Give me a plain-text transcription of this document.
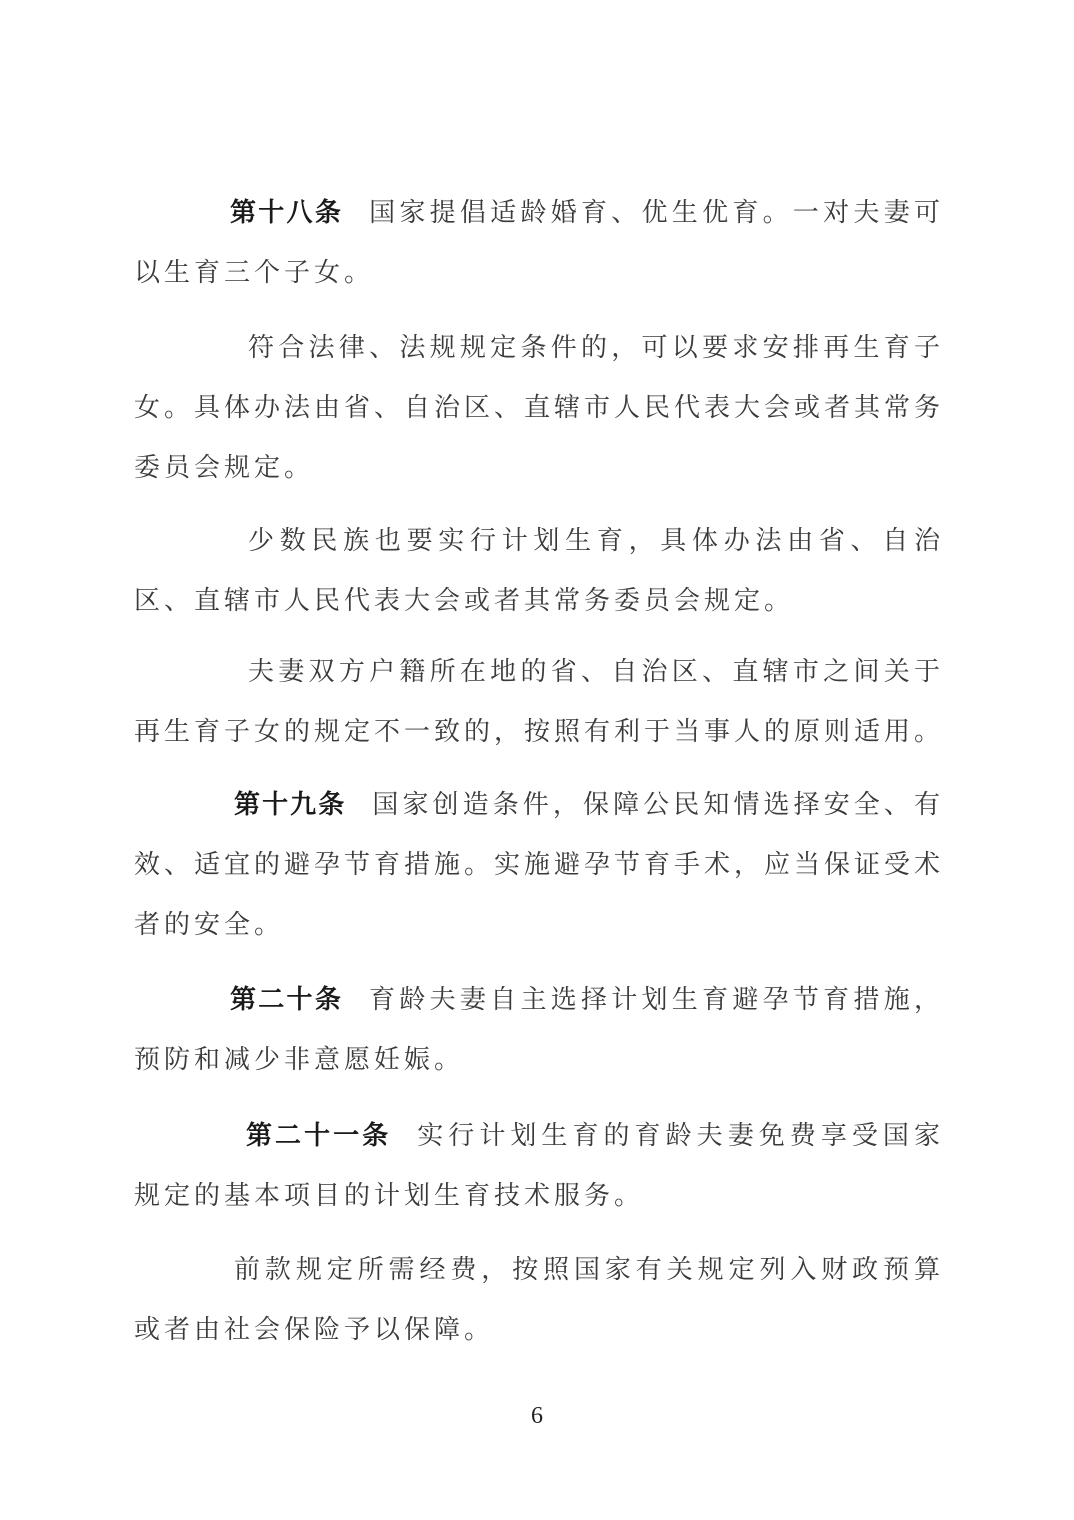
第十八条 国家提倡适龄婚育、优生优育。一对夫妻可以生育三个子女。

符合法律、法规规定条件的，可以要求安排再生育子女。具体办法由省、自治区、直辖市人民代表大会或者其常务委员会规定。

少数民族也要实行计划生育，具体办法由省、自治区、直辖市人民代表大会或者其常务委员会规定。

夫妻双方户籍所在地的省、自治区、直辖市之间关于再生育子女的规定不一致的，按照有利于当事人的原则适用。

第十九条 国家创造条件，保障公民知情选择安全、有效、适宜的避孕节育措施。实施避孕节育手术，应当保证受术者的安全。

第二十条 育龄夫妻自主选择计划生育避孕节育措施，预防和减少非意愿妊娠。

第二十一条 实行计划生育的育龄夫妻免费享受国家规定的基本项目的计划生育技术服务。

前款规定所需经费，按照国家有关规定列入财政预算或者由社会保险予以保障。

6
